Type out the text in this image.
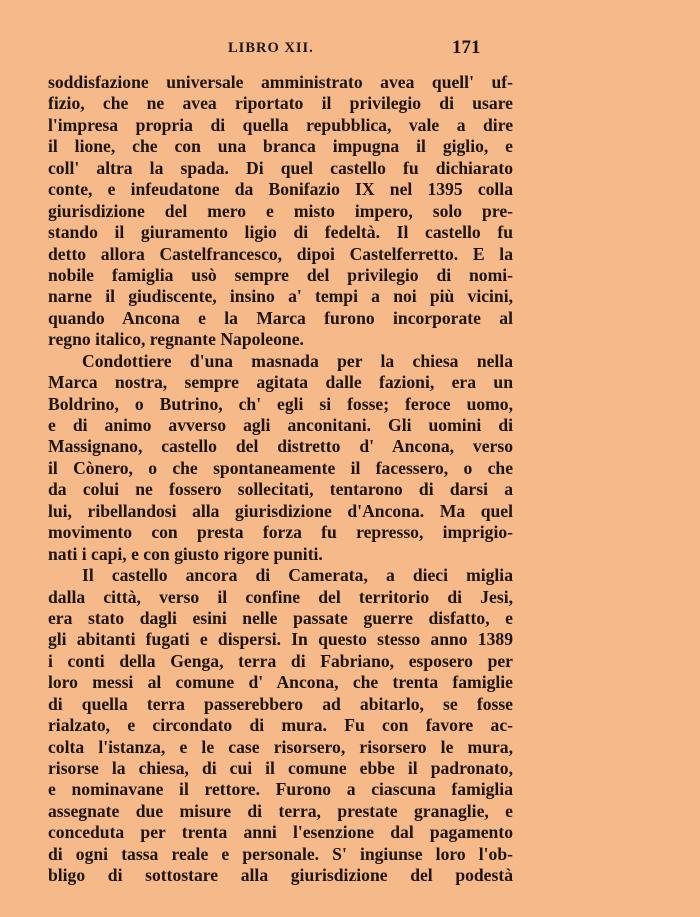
LIBRO XII.	171
soddisfazione universale amministrato avea quell' uf-
fizio, che ne avea riportato il privilegio di usare
l'impresa propria di quella repubblica, vale a dire
il lione, che con una branca impugna il giglio, e
coll' altra la spada. Di quel castello fu dichiarato
conte, e infeudatone da Bonifazio IX nel 1395 colla
giurisdizione del mero e misto impero, solo pre-
stando il giuramento ligio di fedeltà. Il castello fu
detto allora Castelfrancesco, dipoi Castelferretto. E la
nobile famiglia usò sempre del privilegio di nomi-
narne il giudiscente, insino a' tempi a noi più vicini,
quando Ancona e la Marca furono incorporate al
regno italico, regnante Napoleone.
Condottiere d'una masnada per la chiesa nella
Marca nostra, sempre agitata dalle fazioni, era un
Boldrino, o Butrino, ch' egli si fosse; feroce uomo,
e di animo avverso agli anconitani. Gli uomini di
Massignano, castello del distretto d' Ancona, verso
il Cònero, o che spontaneamente il facessero, o che
da colui ne fossero sollecitati, tentarono di darsi a
lui, ribellandosi alla giurisdizione d'Ancona. Ma quel
movimento con presta forza fu represso, imprigio-
nati i capi, e con giusto rigore puniti.
Il castello ancora di Camerata, a dieci miglia
dalla città, verso il confine del territorio di Jesi,
era stato dagli esini nelle passate guerre disfatto, e
gli abitanti fugati e dispersi. In questo stesso anno 1389
i conti della Genga, terra di Fabriano, esposero per
loro messi al comune d' Ancona, che trenta famiglie
di quella terra passerebbero ad abitarlo, se fosse
rialzato, e circondato di mura. Fu con favore ac-
colta l'istanza, e le case risorsero, risorsero le mura,
risorse la chiesa, di cui il comune ebbe il padronato,
e nominavane il rettore. Furono a ciascuna famiglia
assegnate due misure di terra, prestate granaglie, e
conceduta per trenta anni l'esenzione dal pagamento
di ogni tassa reale e personale. S' ingiunse loro l'ob-
bligo di sottostare alla giurisdizione del podestà
